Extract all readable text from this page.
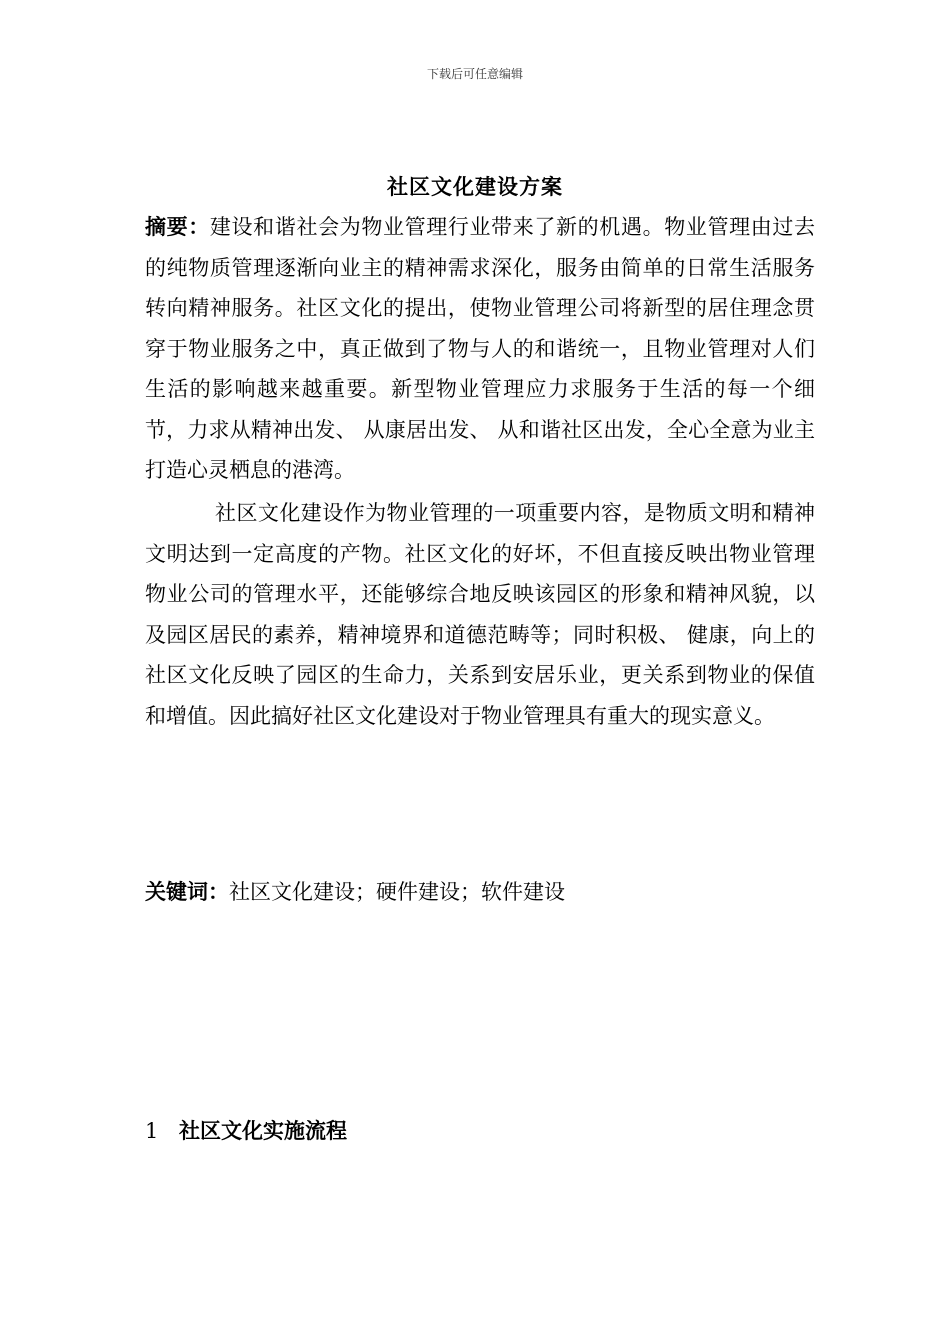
下载后可任意编辑
社区文化建设方案
摘要：建设和谐社会为物业管理行业带来了新的机遇。物业管理由过去的纯物质管理逐渐向业主的精神需求深化，服务由简单的日常生活服务转向精神服务。社区文化的提出，使物业管理公司将新型的居住理念贯穿于物业服务之中，真正做到了物与人的和谐统一，且物业管理对人们生活的影响越来越重要。新型物业管理应力求服务于生活的每一个细节，力求从精神出发、 从康居出发、 从和谐社区出发，全心全意为业主打造心灵栖息的港湾。
社区文化建设作为物业管理的一项重要内容，是物质文明和精神文明达到一定高度的产物。社区文化的好坏，不但直接反映出物业管理物业公司的管理水平，还能够综合地反映该园区的形象和精神风貌，以及园区居民的素养，精神境界和道德范畴等；同时积极、 健康，向上的社区文化反映了园区的生命力，关系到安居乐业，更关系到物业的保值和增值。因此搞好社区文化建设对于物业管理具有重大的现实意义。
关键词：社区文化建设；硬件建设；软件建设
1 社区文化实施流程
